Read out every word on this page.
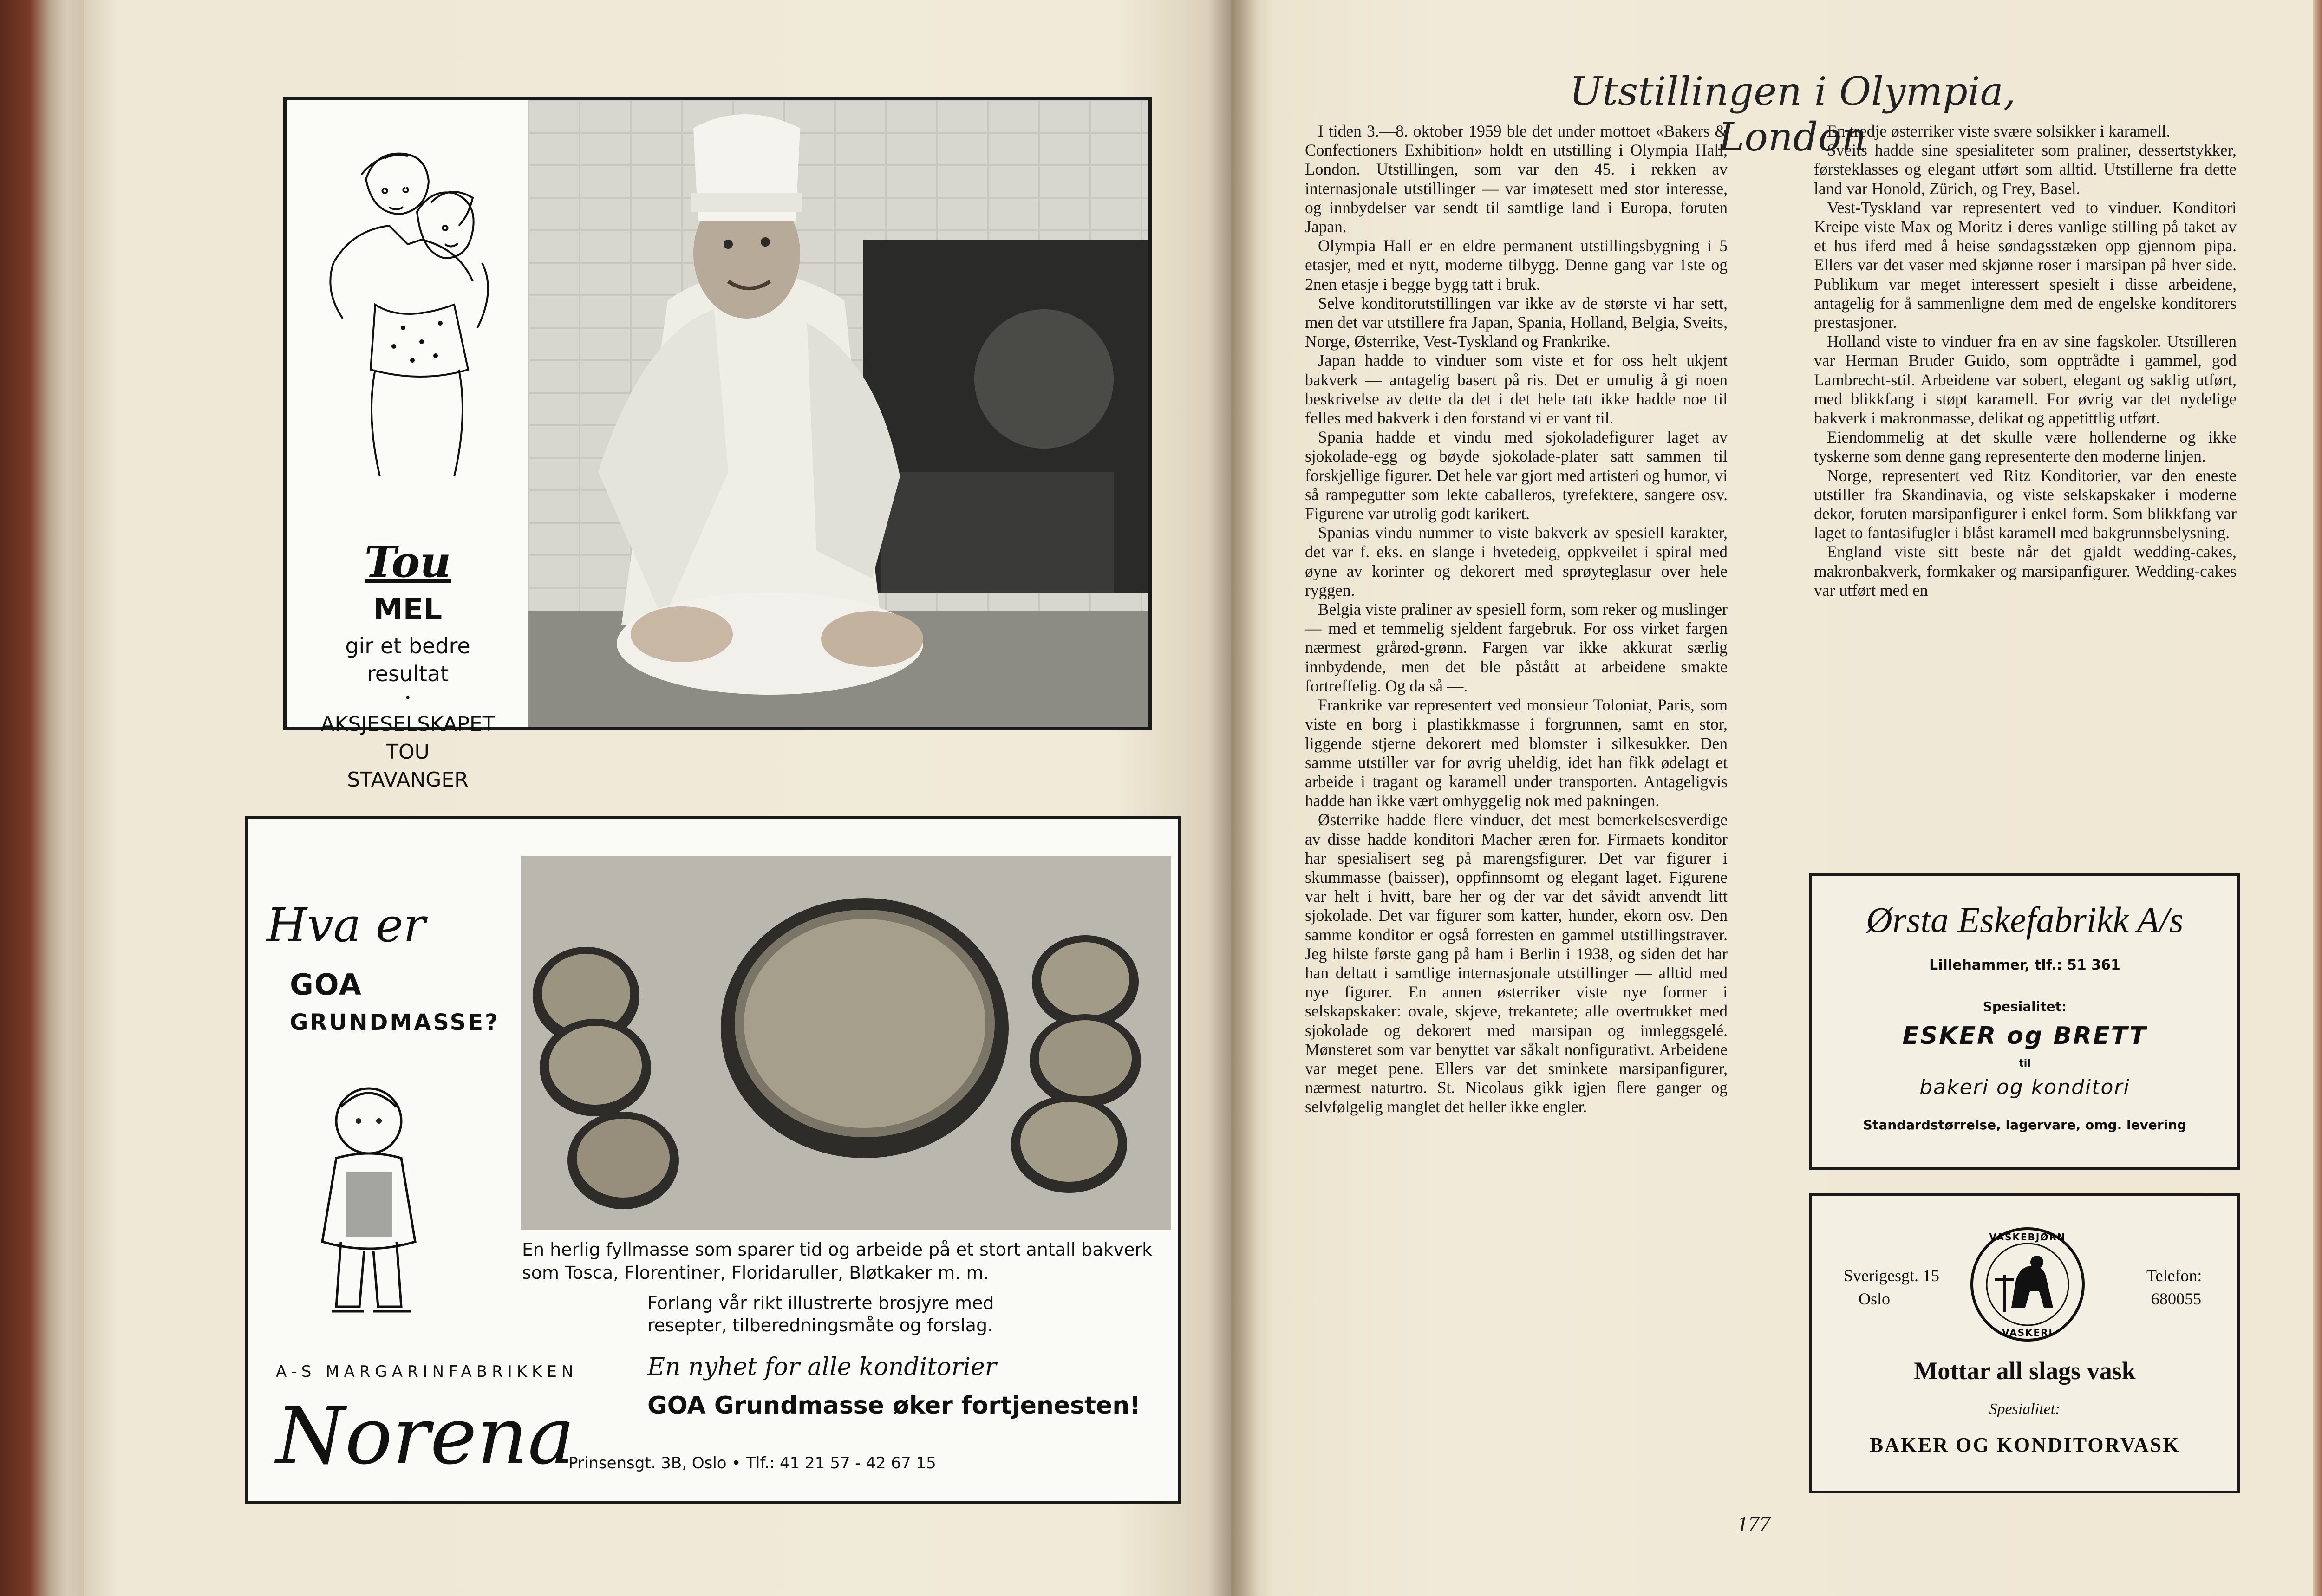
Tou
MEL
gir et bedre
resultat
•
AKSJESELSKAPET
TOU
STAVANGER
Hva er
GOA
GRUNDMASSE?
En herlig fyllmasse som sparer tid og arbeide på et stort antall bakverk
som Tosca, Florentiner, Floridaruller, Bløtkaker m. m.
Forlang vår rikt illustrerte brosjyre med
resepter, tilberedningsmåte og forslag.
A-S MARGARINFABRIKKEN
Norena
En nyhet for alle konditorier
GOA Grundmasse øker fortjenesten!
Prinsensgt. 3B, Oslo • Tlf.: 41 21 57 - 42 67 15
Utstillingen i Olympia, London

I tiden 3.—8. oktober 1959 ble det under mottoet «Bakers & Confectioners Exhibition» holdt en utstilling i Olympia Hall, London. Utstillingen, som var den 45. i rekken av internasjonale utstillinger — var imøtesett med stor interesse, og innbydelser var sendt til samtlige land i Europa, foruten Japan.

Olympia Hall er en eldre permanent utstillingsbygning i 5 etasjer, med et nytt, moderne tilbygg. Denne gang var 1ste og 2nen etasje i begge bygg tatt i bruk.

Selve konditorutstillingen var ikke av de største vi har sett, men det var utstillere fra Japan, Spania, Holland, Belgia, Sveits, Norge, Østerrike, Vest-Tyskland og Frankrike.

Japan hadde to vinduer som viste et for oss helt ukjent bakverk — antagelig basert på ris. Det er umulig å gi noen beskrivelse av dette da det i det hele tatt ikke hadde noe til felles med bakverk i den forstand vi er vant til.

Spania hadde et vindu med sjokoladefigurer laget av sjokolade-egg og bøyde sjokolade-plater satt sammen til forskjellige figurer. Det hele var gjort med artisteri og humor, vi så rampegutter som lekte caballeros, tyrefektere, sangere osv. Figurene var utrolig godt karikert.

Spanias vindu nummer to viste bakverk av spesiell karakter, det var f. eks. en slange i hvetedeig, oppkveilet i spiral med øyne av korinter og dekorert med sprøyteglasur over hele ryggen.

Belgia viste praliner av spesiell form, som reker og muslinger — med et temmelig sjeldent fargebruk. For oss virket fargen nærmest grårød-grønn. Fargen var ikke akkurat særlig innbydende, men det ble påstått at arbeidene smakte fortreffelig. Og da så —.

Frankrike var representert ved monsieur Toloniat, Paris, som viste en borg i plastikkmasse i forgrunnen, samt en stor, liggende stjerne dekorert med blomster i silkesukker. Den samme utstiller var for øvrig uheldig, idet han fikk ødelagt et arbeide i tragant og karamell under transporten. Antageligvis hadde han ikke vært omhyggelig nok med pakningen.

Østerrike hadde flere vinduer, det mest bemerkelsesverdige av disse hadde konditori Macher æren for. Firmaets konditor har spesialisert seg på marengsfigurer. Det var figurer i skummasse (baisser), oppfinnsomt og elegant laget. Figurene var helt i hvitt, bare her og der var det såvidt anvendt litt sjokolade. Det var figurer som katter, hunder, ekorn osv. Den samme konditor er også forresten en gammel utstillingstraver. Jeg hilste første gang på ham i Berlin i 1938, og siden det har han deltatt i samtlige internasjonale utstillinger — alltid med nye figurer. En annen østerriker viste nye former i selskapskaker: ovale, skjeve, trekantete; alle overtrukket med sjokolade og dekorert med marsipan og innleggsgelé. Mønsteret som var benyttet var såkalt nonfigurativt. Arbeidene var meget pene. Ellers var det sminkete marsipanfigurer, nærmest naturtro. St. Nicolaus gikk igjen flere ganger og selvfølgelig manglet det heller ikke engler.

En tredje østerriker viste svære solsikker i karamell.

Sveits hadde sine spesialiteter som praliner, dessertstykker, førsteklasses og elegant utført som alltid. Utstillerne fra dette land var Honold, Zürich, og Frey, Basel.

Vest-Tyskland var representert ved to vinduer. Konditori Kreipe viste Max og Moritz i deres vanlige stilling på taket av et hus iferd med å heise søndagsstæken opp gjennom pipa. Ellers var det vaser med skjønne roser i marsipan på hver side. Publikum var meget interessert spesielt i disse arbeidene, antagelig for å sammenligne dem med de engelske konditorers prestasjoner.

Holland viste to vinduer fra en av sine fagskoler. Utstilleren var Herman Bruder Guido, som opptrådte i gammel, god Lambrecht-stil. Arbeidene var sobert, elegant og saklig utført, med blikkfang i støpt karamell. For øvrig var det nydelige bakverk i makronmasse, delikat og appetittlig utført.

Eiendommelig at det skulle være hollenderne og ikke tyskerne som denne gang representerte den moderne linjen.

Norge, representert ved Ritz Konditorier, var den eneste utstiller fra Skandinavia, og viste selskapskaker i moderne dekor, foruten marsipanfigurer i enkel form. Som blikkfang var laget to fantasifugler i blåst karamell med bakgrunnsbelysning.

England viste sitt beste når det gjaldt wedding-cakes, makronbakverk, formkaker og marsipanfigurer. Wedding-cakes var utført med en

Ørsta Eskefabrikk A/s
Lillehammer, tlf.: 51 361
Spesialitet:
ESKER og BRETT
til
bakeri og konditori
Standardstørrelse, lagervare, omg. levering
Sverigesgt. 15
Oslo
Telefon:
680055
VASKEBJØRN
VASKERI
Mottar all slags vask
Spesialitet:
BAKER OG KONDITORVASK
177
